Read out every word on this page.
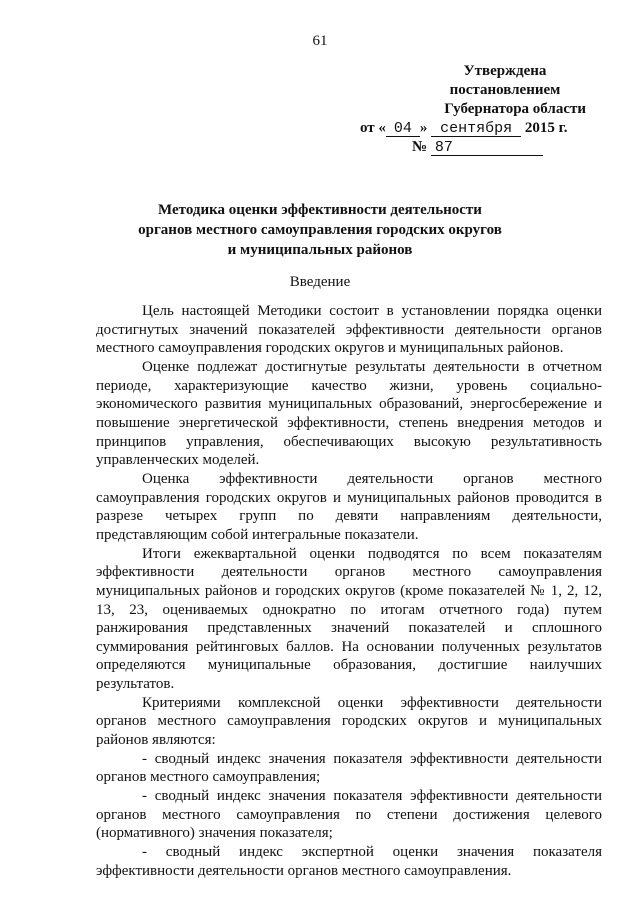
61
Утверждена
постановлением
Губернатора области
от « 04 » сентября 2015 г.
№ 87
Методика оценки эффективности деятельности
органов местного самоуправления городских округов
и муниципальных районов
Введение

Цель настоящей Методики состоит в установлении порядка оценки достигнутых значений показателей эффективности деятельности органов местного самоуправления городских округов и муниципальных районов.

Оценке подлежат достигнутые результаты деятельности в отчетном периоде, характеризующие качество жизни, уровень социально-экономического развития муниципальных образований, энергосбережение и повышение энергетической эффективности, степень внедрения методов и принципов управления, обеспечивающих высокую результативность управленческих моделей.

Оценка эффективности деятельности органов местного самоуправления городских округов и муниципальных районов проводится в разрезе четырех групп по девяти направлениям деятельности, представляющим собой интегральные показатели.

Итоги ежеквартальной оценки подводятся по всем показателям эффективности деятельности органов местного самоуправления муниципальных районов и городских округов (кроме показателей № 1, 2, 12, 13, 23, оцениваемых однократно по итогам отчетного года) путем ранжирования представленных значений показателей и сплошного суммирования рейтинговых баллов. На основании полученных результатов определяются муниципальные образования, достигшие наилучших результатов.

Критериями комплексной оценки эффективности деятельности органов местного самоуправления городских округов и муниципальных районов являются:

- сводный индекс значения показателя эффективности деятельности органов местного самоуправления;

- сводный индекс значения показателя эффективности деятельности органов местного самоуправления по степени достижения целевого (нормативного) значения показателя;

- сводный индекс экспертной оценки значения показателя эффективности деятельности органов местного самоуправления.
